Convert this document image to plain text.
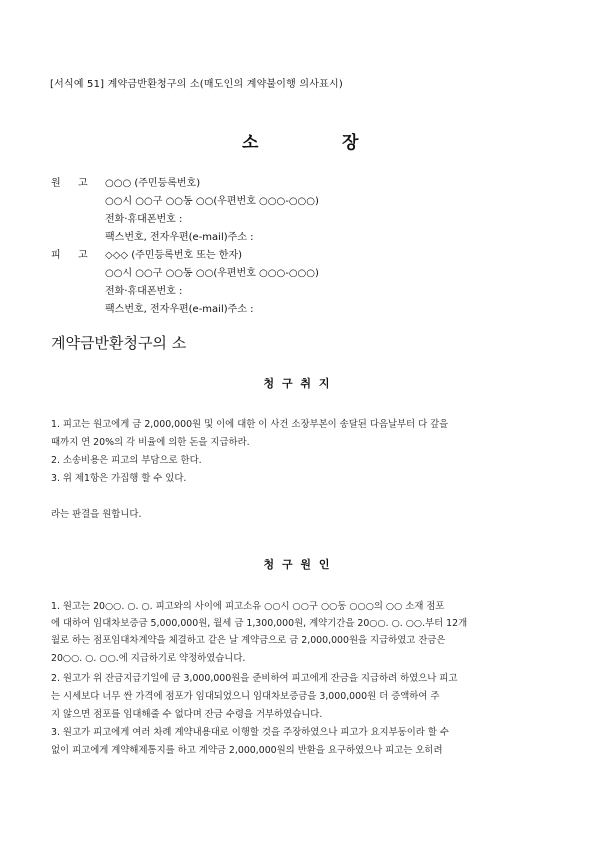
[서식예 51] 계약금반환청구의 소(매도인의 계약불이행 의사표시)
소	장
원 고 ○○○ (주민등록번호)
○○시 ○○구 ○○동 ○○(우편번호 ○○○-○○○)
전화·휴대폰번호 :
팩스번호, 전자우편(e-mail)주소 :
피 고 ◇◇◇ (주민등록번호 또는 한자)
○○시 ○○구 ○○동 ○○(우편번호 ○○○-○○○)
전화·휴대폰번호 :
팩스번호, 전자우편(e-mail)주소 :
계약금반환청구의 소
청 구 취 지
1. 피고는 원고에게 금 2,000,000원 및 이에 대한 이 사건 소장부본이 송달된 다음날부터 다 갚을
때까지 연 20%의 각 비율에 의한 돈을 지급하라.
2. 소송비용은 피고의 부담으로 한다.
3. 위 제1항은 가집행 할 수 있다.
라는 판결을 원합니다.
청 구 원 인
1. 원고는 20○○. ○. ○. 피고와의 사이에 피고소유 ○○시 ○○구 ○○동 ○○○의 ○○ 소재 점포
에 대하여 임대차보증금 5,000,000원, 월세 금 1,300,000원, 계약기간을 20○○. ○. ○○.부터 12개
월로 하는 점포임대차계약을 체결하고 같은 날 계약금으로 금 2,000,000원을 지급하였고 잔금은
20○○. ○. ○○.에 지급하기로 약정하였습니다.
2. 원고가 위 잔금지급기일에 금 3,000,000원을 준비하여 피고에게 잔금을 지급하려 하였으나 피고
는 시세보다 너무 싼 가격에 점포가 임대되었으니 임대차보증금을 3,000,000원 더 증액하여 주
지 않으면 점포를 임대해줄 수 없다며 잔금 수령을 거부하였습니다.
3. 원고가 피고에게 여러 차례 계약내용대로 이행할 것을 주장하였으나 피고가 요지부동이라 할 수
없이 피고에게 계약해제통지를 하고 계약금 2,000,000원의 반환을 요구하였으나 피고는 오히려
